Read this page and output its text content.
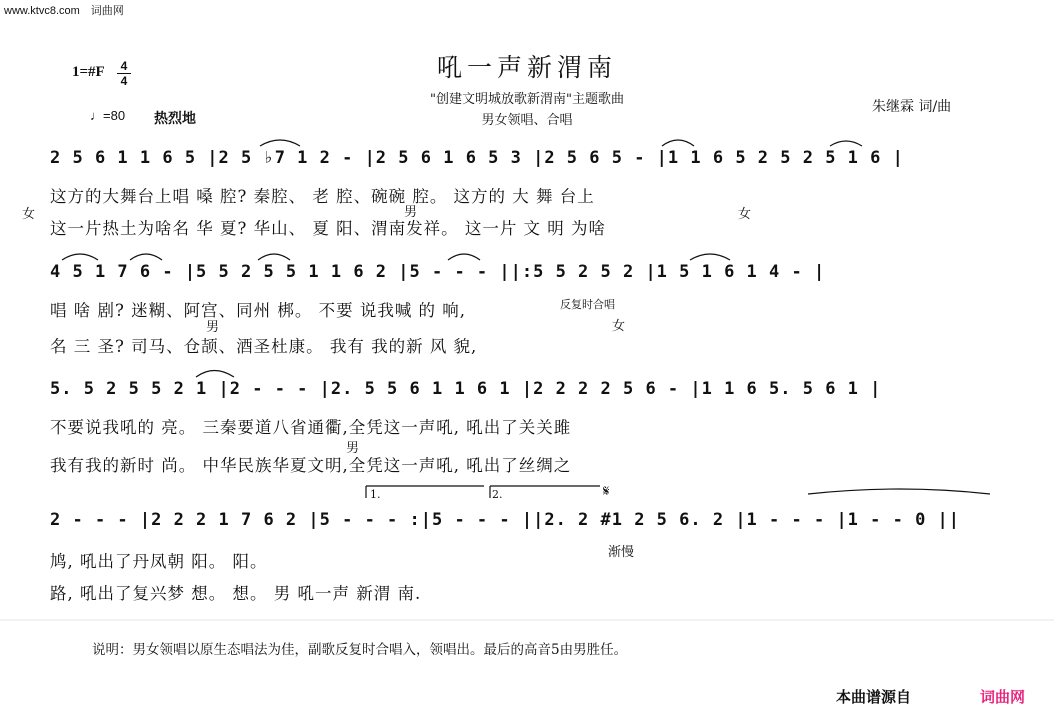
www.ktvc8.com　词曲网
1=#F	4
4
♩=80 热烈地
吼一声新渭南
"创建文明城放歌新渭南"主题歌曲
男女领唱、合唱
朱继霖 词/曲
2 5 6 1 1 6 5 |2 5 ♭7 1 2 - |2 5 6 1 6 5 3 |2 5 6 5 - |1 1 6 5 2 5 2 5 1 6 |
这方的大舞台上唱 嗓 腔? 秦腔、 老 腔、碗碗 腔。 这方的 大 舞 台上
这一片热土为啥名 华 夏? 华山、 夏 阳、渭南发祥。 这一片 文 明 为啥
女	男	女
4 5 1 7 6 - |5 5 2 5 5 1 1 6 2 |5 - - - ||:5 5 2 5 2 |1 5 1 6 1 4 - |
唱 啥 剧? 迷糊、阿宫、同州 梆。 不要 说我喊 的 响,
名 三 圣? 司马、仓颉、酒圣杜康。 我有 我的新 风 貌,
男
反复时合唱
女
5. 5 2 5 5 2 1 |2 - - - |2. 5 5 6 1 1 6 1 |2 2 2 2 5 6 - |1 1 6 5. 5 6 1 |
不要说我吼的 亮。 三秦要道八省通衢,全凭这一声吼, 吼出了关关雎
我有我的新时 尚。 中华民族华夏文明,全凭这一声吼, 吼出了丝绸之
男
2 - - - |2 2 2 1 7 6 2 |5 - - - :|5 - - - ||2. 2 #1 2 5 6. 2 |1 - - - |1 - - 0 ||
鸠, 吼出了丹凤朝 阳。 阳。
路, 吼出了复兴梦 想。 想。 男 吼一声 新渭 南.
1.	2.	𝄋
渐慢
说明：男女领唱以原生态唱法为佳，副歌反复时合唱入，领唱出。最后的高音5由男胜任。
本曲谱源自	词曲网
